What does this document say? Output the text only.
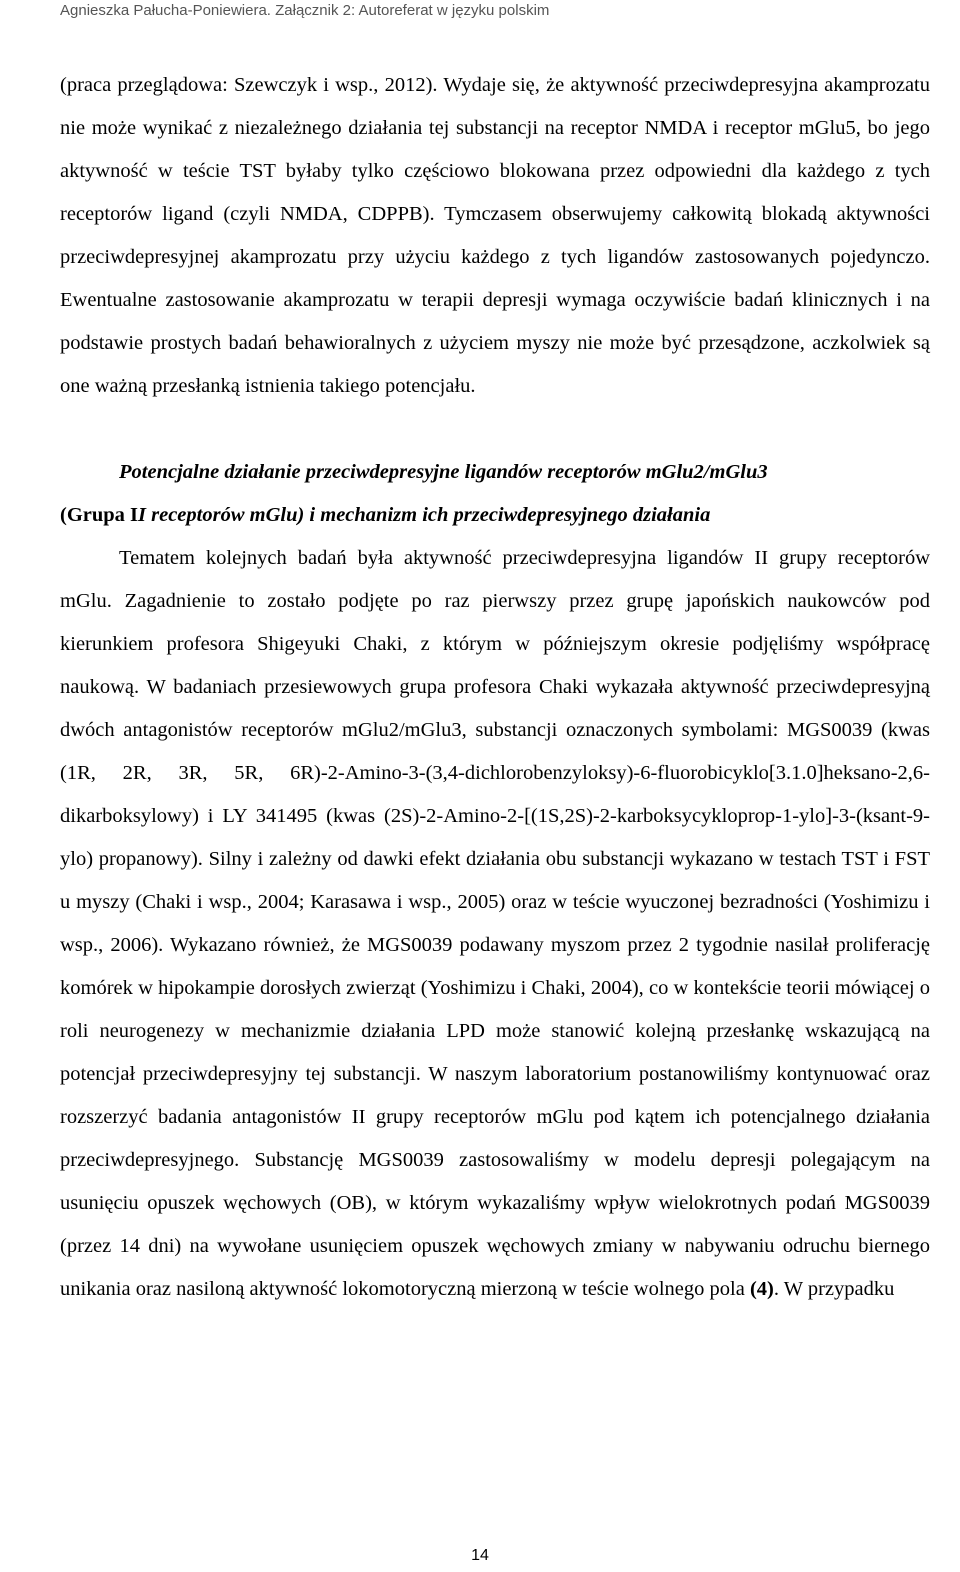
Agnieszka Pałucha-Poniewiera. Załącznik 2: Autoreferat w języku polskim

(praca przeglądowa: Szewczyk i wsp., 2012). Wydaje się, że aktywność przeciwdepresyjna akamprozatu nie może wynikać z niezależnego działania tej substancji na receptor NMDA i receptor mGlu5, bo jego aktywność w teście TST byłaby tylko częściowo blokowana przez odpowiedni dla każdego z tych receptorów ligand (czyli NMDA, CDPPB). Tymczasem obserwujemy całkowitą blokadą aktywności przeciwdepresyjnej akamprozatu przy użyciu każdego z tych ligandów zastosowanych pojedynczo. Ewentualne zastosowanie akamprozatu w terapii depresji wymaga oczywiście badań klinicznych i na podstawie prostych badań behawioralnych z użyciem myszy nie może być przesądzone, aczkolwiek są one ważną przesłanką istnienia takiego potencjału.

Potencjalne działanie przeciwdepresyjne ligandów receptorów mGlu2/mGlu3
(Grupa II receptorów mGlu) i mechanizm ich przeciwdepresyjnego działania

Tematem kolejnych badań była aktywność przeciwdepresyjna ligandów II grupy receptorów mGlu. Zagadnienie to zostało podjęte po raz pierwszy przez grupę japońskich naukowców pod kierunkiem profesora Shigeyuki Chaki, z którym w późniejszym okresie podjęliśmy współpracę naukową. W badaniach przesiewowych grupa profesora Chaki wykazała aktywność przeciwdepresyjną dwóch antagonistów receptorów mGlu2/mGlu3, substancji oznaczonych symbolami: MGS0039 (kwas (1R, 2R, 3R, 5R, 6R)-2-Amino-3-(3,4-dichlorobenzyloksy)-6-fluorobicyklo[3.1.0]heksano-2,6-dikarboksylowy) i LY 341495 (kwas (2S)-2-Amino-2-[(1S,2S)-2-karboksycykloprop-1-ylo]-3-(ksant-9-ylo) propanowy). Silny i zależny od dawki efekt działania obu substancji wykazano w testach TST i FST u myszy (Chaki i wsp., 2004; Karasawa i wsp., 2005) oraz w teście wyuczonej bezradności (Yoshimizu i wsp., 2006). Wykazano również, że MGS0039 podawany myszom przez 2 tygodnie nasilał proliferację komórek w hipokampie dorosłych zwierząt (Yoshimizu i Chaki, 2004), co w kontekście teorii mówiącej o roli neurogenezy w mechanizmie działania LPD może stanowić kolejną przesłankę wskazującą na potencjał przeciwdepresyjny tej substancji. W naszym laboratorium postanowiliśmy kontynuować oraz rozszerzyć badania antagonistów II grupy receptorów mGlu pod kątem ich potencjalnego działania przeciwdepresyjnego. Substancję MGS0039 zastosowaliśmy w modelu depresji polegającym na usunięciu opuszek węchowych (OB), w którym wykazaliśmy wpływ wielokrotnych podań MGS0039 (przez 14 dni) na wywołane usunięciem opuszek węchowych zmiany w nabywaniu odruchu biernego unikania oraz nasiloną aktywność lokomotoryczną mierzoną w teście wolnego pola (4). W przypadku

14
